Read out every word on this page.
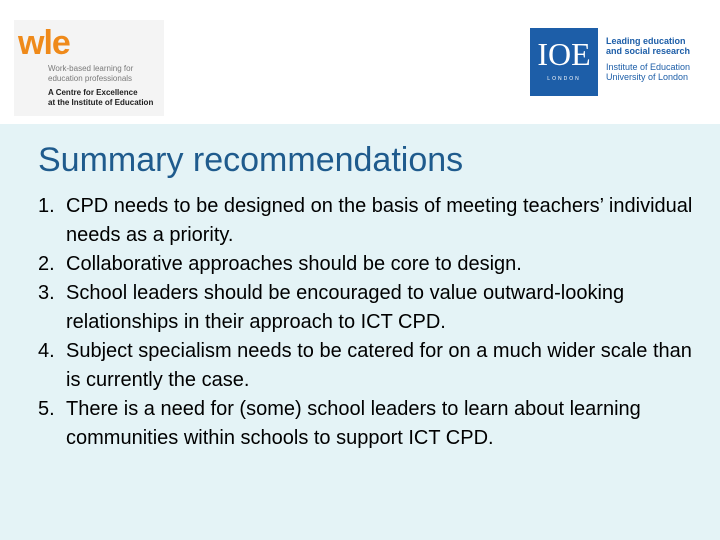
wle
Work-based learning for
education professionals
A Centre for Excellence
at the Institute of Education
IOE
LONDON
Leading education
and social research
Institute of Education
University of London
Summary recommendations
1. CPD needs to be designed on the basis of meeting teachers’ individual needs as a priority.
2. Collaborative approaches should be core to design.
3. School leaders should be encouraged to value outward-looking relationships in their approach to ICT CPD.
4. Subject specialism needs to be catered for on a much wider scale than is currently the case.
5. There is a need for (some) school leaders to learn about learning communities within schools to support ICT CPD.
